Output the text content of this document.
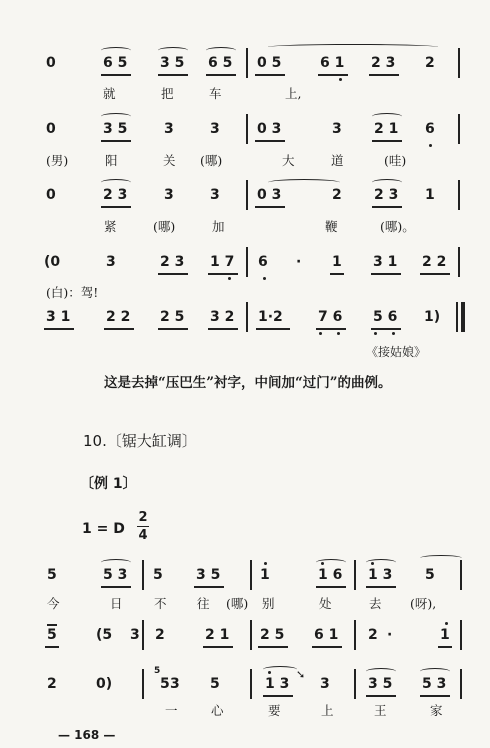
0	6 5 3 5 6 5 0 5	6 1 2 3 2
就	把	车	上,
0	3 5	3	3	0 3	3 2 1 6
(男)	阳	关 (哪)	大	道	(哇)
0	2 3	3	3	0 3	2 2 3 1
紧	(哪)	加	鞭	(哪)。
(0	3	2 3 1 7 6 · 1 3 1 2 2
(白)：驾!
3 1	2 2 2 5 3 2 1·2	7 6 5 6 1)
《接姑娘》
这是去掉“压巴生”衬字，中间加“过门”的曲例。
10.〔锯大缸调〕
〔例 1〕
1 = D
2
4
5	5 3 5 3 5	1	1 6 1 3 5
今	日	不 往 (哪) 别	处	去 (呀),
5	(5 3 2	2 1 2 5 6 1 2 ·	1
2	0)
5
5 3 5	1 3 3	3 5 5 3
➘
一	心	要	上	王	家
— 168 —
